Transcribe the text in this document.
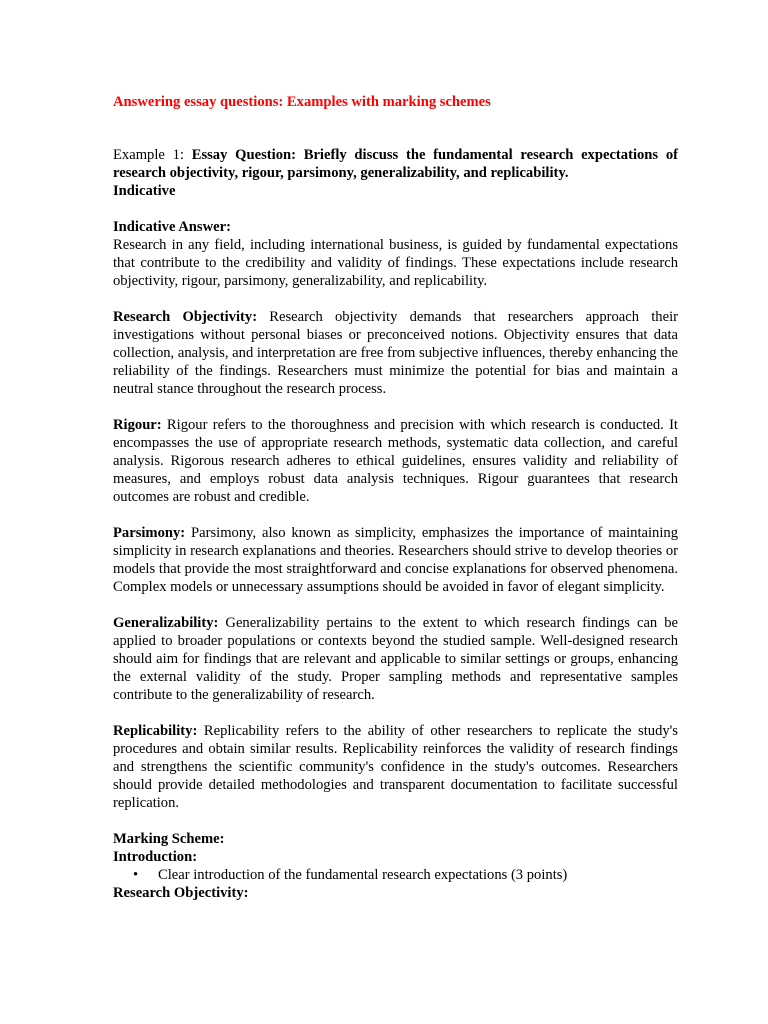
Answering essay questions: Examples with marking schemes

Example 1: Essay Question: Briefly discuss the fundamental research expectations of research objectivity, rigour, parsimony, generalizability, and replicability.

Indicative

Indicative Answer:

Research in any field, including international business, is guided by fundamental expectations that contribute to the credibility and validity of findings. These expectations include research objectivity, rigour, parsimony, generalizability, and replicability.

Research Objectivity: Research objectivity demands that researchers approach their investigations without personal biases or preconceived notions. Objectivity ensures that data collection, analysis, and interpretation are free from subjective influences, thereby enhancing the reliability of the findings. Researchers must minimize the potential for bias and maintain a neutral stance throughout the research process.

Rigour: Rigour refers to the thoroughness and precision with which research is conducted. It encompasses the use of appropriate research methods, systematic data collection, and careful analysis. Rigorous research adheres to ethical guidelines, ensures validity and reliability of measures, and employs robust data analysis techniques. Rigour guarantees that research outcomes are robust and credible.

Parsimony: Parsimony, also known as simplicity, emphasizes the importance of maintaining simplicity in research explanations and theories. Researchers should strive to develop theories or models that provide the most straightforward and concise explanations for observed phenomena. Complex models or unnecessary assumptions should be avoided in favor of elegant simplicity.

Generalizability: Generalizability pertains to the extent to which research findings can be applied to broader populations or contexts beyond the studied sample. Well-designed research should aim for findings that are relevant and applicable to similar settings or groups, enhancing the external validity of the study. Proper sampling methods and representative samples contribute to the generalizability of research.

Replicability: Replicability refers to the ability of other researchers to replicate the study's procedures and obtain similar results. Replicability reinforces the validity of research findings and strengthens the scientific community's confidence in the study's outcomes. Researchers should provide detailed methodologies and transparent documentation to facilitate successful replication.

Marking Scheme:

Introduction:

• Clear introduction of the fundamental research expectations (3 points)

Research Objectivity:
